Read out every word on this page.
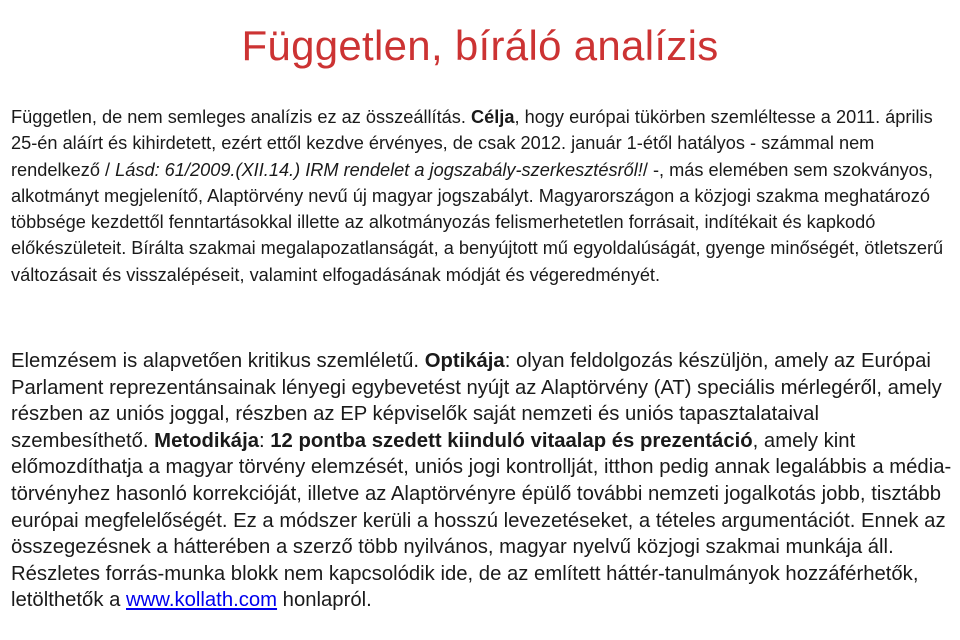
Független, bíráló analízis

Független, de nem semleges analízis ez az összeállítás. Célja, hogy európai tükörben szemléltesse a 2011. április 25-én aláírt és kihirdetett, ezért ettől kezdve érvényes, de csak 2012. január 1-étől hatályos - számmal nem rendelkező / Lásd: 61/2009.(XII.14.) IRM rendelet a jogszabály-szerkesztésről!/ -, más elemében sem szokványos, alkotmányt megjelenítő, Alaptörvény nevű új magyar jogszabályt. Magyarországon a közjogi szakma meghatározó többsége kezdettől fenntartásokkal illette az alkotmányozás felismerhetetlen forrásait, indítékait és kapkodó előkészületeit. Bírálta szakmai megalapozatlanságát, a benyújtott mű egyoldalúságát, gyenge minőségét, ötletszerű változásait és visszalépéseit, valamint elfogadásának módját és végeredményét.

Elemzésem is alapvetően kritikus szemléletű. Optikája: olyan feldolgozás készüljön, amely az Európai Parlament reprezentánsainak lényegi egybevetést nyújt az Alaptörvény (AT) speciális mérlegéről, amely részben az uniós joggal, részben az EP képviselők saját nemzeti és uniós tapasztalataival szembesíthető. Metodikája: 12 pontba szedett kiinduló vitaalap és prezentáció, amely kint előmozdíthatja a magyar törvény elemzését, uniós jogi kontrollját, itthon pedig annak legalábbis a média-törvényhez hasonló korrekcióját, illetve az Alaptörvényre épülő további nemzeti jogalkotás jobb, tisztább európai megfelelőségét. Ez a módszer kerüli a hosszú levezetéseket, a tételes argumentációt. Ennek az összegezésnek a hátterében a szerző több nyilvános, magyar nyelvű közjogi szakmai munkája áll. Részletes forrás-munka blokk nem kapcsolódik ide, de az említett háttér-tanulmányok hozzáférhetők, letölthetők a www.kollath.com honlapról.
